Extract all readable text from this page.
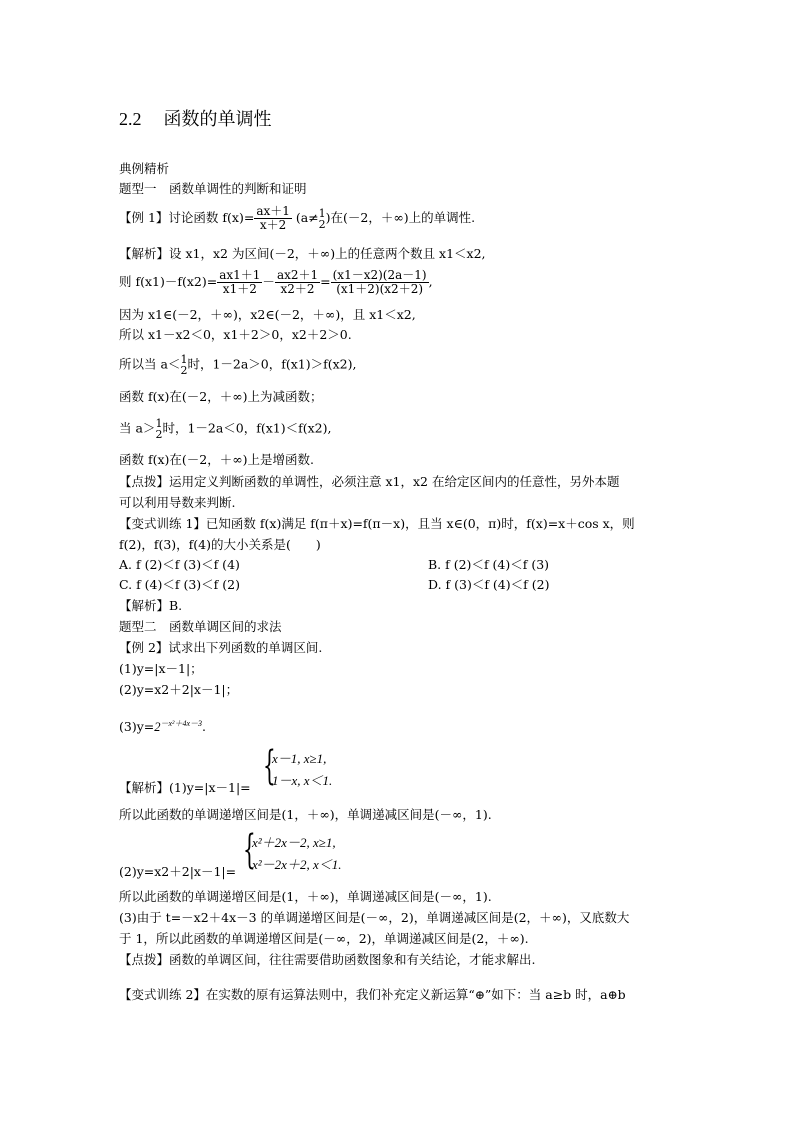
2.2 函数的单调性
典例精析
题型一　函数单调性的判断和证明
【例 1】讨论函数 $f(x)= \frac{ax+1}{x+2} (a\ne 1$
2 )在(－2，＋∞)上的单调性.
【解析】设 x1，x2 为区间(－2，＋∞)上的任意两个数且 x1＜x2,
则 $f(x1)-f(x2)= \frac{ax1+1}{x1+2} - \frac{ax2+1}{x2+2} = \frac{(x1-x2)(2a-1)}{(x1+2)(x2+2)}$ ,
因为 x1∈(－2，＋∞)，x2∈(－2，＋∞)，且 x1＜x2,
所以 x1－x2＜0，x1＋2＞0，x2＋2＞0.
所以当 a＜ 1
2 时，1－2a＞0，f(x1)＞f(x2),
函数 f(x)在(－2，＋∞)上为减函数；
当 a＞ 1
2 时，1－2a＜0，f(x1)＜f(x2),
函数 f(x)在(－2，＋∞)上是增函数.
【点拨】运用定义判断函数的单调性，必须注意 x1，x2 在给定区间内的任意性，另外本题
可以利用导数来判断.
【变式训练 1】已知函数 f(x)满足 f(π＋x)=f(π－x)，且当 x∈(0，π)时，f(x)=x＋cos x，则
f(2)，f(3)，f(4)的大小关系是(　　)
A. f (2)＜f (3)＜f (4)	B. f (2)＜f (4)＜f (3)
C. f (4)＜f (3)＜f (2)	D. f (3)＜f (4)＜f (2)
【解析】B.
题型二　函数单调区间的求法
【例 2】试求出下列函数的单调区间.
(1)y=|x－1|；
(2)y=x2＋2|x－1|；
$(3)y=2^{-x^2+4x-3}$.
【解析】(1)y=|x－1|= {
x－1, x≥1,
1－x, x＜1.
所以此函数的单调递增区间是(1，＋∞)，单调递减区间是(－∞，1).
(2)y=x2＋2|x－1|= {
x²＋2x－2, x≥1,
x²－2x＋2, x＜1.
所以此函数的单调递增区间是(1，＋∞)，单调递减区间是(－∞，1).
(3)由于 t=－x2＋4x－3 的单调递增区间是(－∞，2)，单调递减区间是(2，＋∞)，又底数大
于 1，所以此函数的单调递增区间是(－∞，2)，单调递减区间是(2，＋∞).
【点拨】函数的单调区间，往往需要借助函数图象和有关结论，才能求解出.
【变式训练 2】在实数的原有运算法则中，我们补充定义新运算“⊕”如下：当 a≥b 时，a⊕b
